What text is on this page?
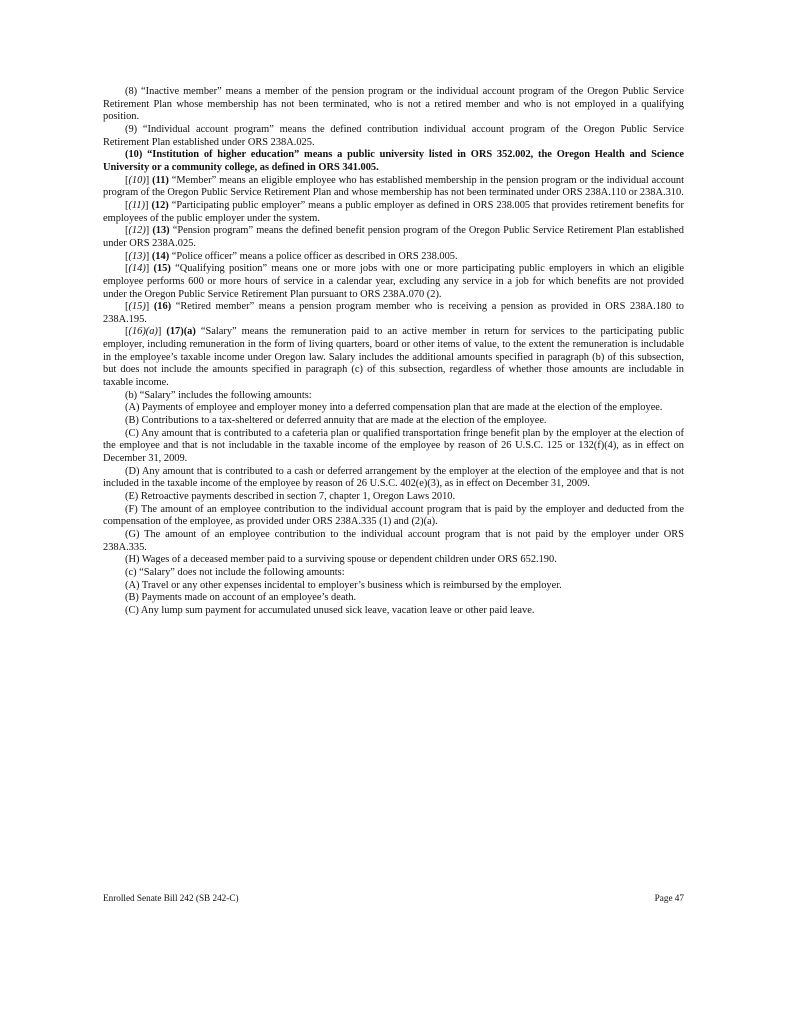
(8) “Inactive member” means a member of the pension program or the individual account program of the Oregon Public Service Retirement Plan whose membership has not been terminated, who is not a retired member and who is not employed in a qualifying position.

(9) “Individual account program” means the defined contribution individual account program of the Oregon Public Service Retirement Plan established under ORS 238A.025.

(10) “Institution of higher education” means a public university listed in ORS 352.002, the Oregon Health and Science University or a community college, as defined in ORS 341.005.

[(10)] (11) “Member” means an eligible employee who has established membership in the pension program or the individual account program of the Oregon Public Service Retirement Plan and whose membership has not been terminated under ORS 238A.110 or 238A.310.

[(11)] (12) “Participating public employer” means a public employer as defined in ORS 238.005 that provides retirement benefits for employees of the public employer under the system.

[(12)] (13) “Pension program” means the defined benefit pension program of the Oregon Public Service Retirement Plan established under ORS 238A.025.

[(13)] (14) “Police officer” means a police officer as described in ORS 238.005.

[(14)] (15) “Qualifying position” means one or more jobs with one or more participating public employers in which an eligible employee performs 600 or more hours of service in a calendar year, excluding any service in a job for which benefits are not provided under the Oregon Public Service Retirement Plan pursuant to ORS 238A.070 (2).

[(15)] (16) “Retired member” means a pension program member who is receiving a pension as provided in ORS 238A.180 to 238A.195.

[(16)(a)] (17)(a) “Salary” means the remuneration paid to an active member in return for services to the participating public employer, including remuneration in the form of living quarters, board or other items of value, to the extent the remuneration is includable in the employee’s taxable income under Oregon law. Salary includes the additional amounts specified in paragraph (b) of this subsection, but does not include the amounts specified in paragraph (c) of this subsection, regardless of whether those amounts are includable in taxable income.

(b) “Salary” includes the following amounts:

(A) Payments of employee and employer money into a deferred compensation plan that are made at the election of the employee.

(B) Contributions to a tax-sheltered or deferred annuity that are made at the election of the employee.

(C) Any amount that is contributed to a cafeteria plan or qualified transportation fringe benefit plan by the employer at the election of the employee and that is not includable in the taxable income of the employee by reason of 26 U.S.C. 125 or 132(f)(4), as in effect on December 31, 2009.

(D) Any amount that is contributed to a cash or deferred arrangement by the employer at the election of the employee and that is not included in the taxable income of the employee by reason of 26 U.S.C. 402(e)(3), as in effect on December 31, 2009.

(E) Retroactive payments described in section 7, chapter 1, Oregon Laws 2010.

(F) The amount of an employee contribution to the individual account program that is paid by the employer and deducted from the compensation of the employee, as provided under ORS 238A.335 (1) and (2)(a).

(G) The amount of an employee contribution to the individual account program that is not paid by the employer under ORS 238A.335.

(H) Wages of a deceased member paid to a surviving spouse or dependent children under ORS 652.190.

(c) “Salary” does not include the following amounts:

(A) Travel or any other expenses incidental to employer’s business which is reimbursed by the employer.

(B) Payments made on account of an employee’s death.

(C) Any lump sum payment for accumulated unused sick leave, vacation leave or other paid leave.

Enrolled Senate Bill 242 (SB 242-C)	Page 47
